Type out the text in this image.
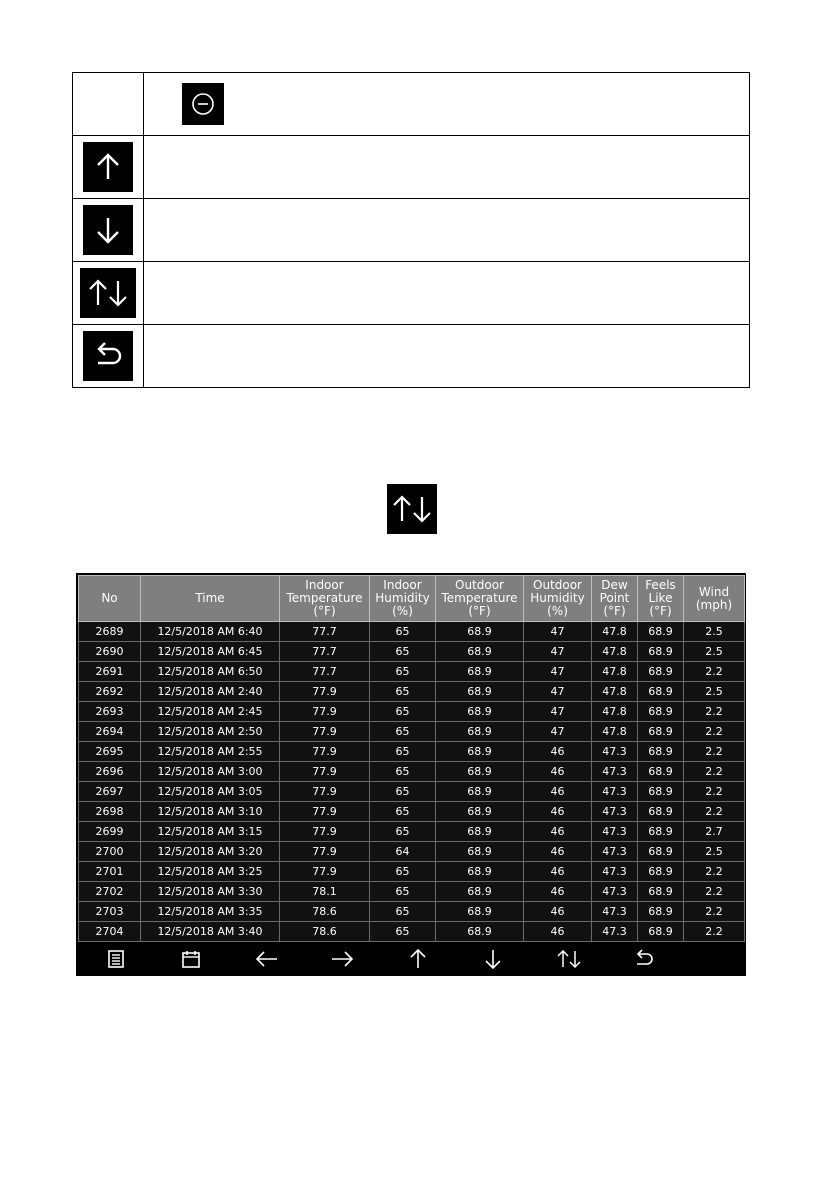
No	Time	Indoor
Temperature
(°F)	Indoor
Humidity
(%)	Outdoor
Temperature
(°F)	Outdoor
Humidity
(%)	Dew
Point
(°F)	Feels
Like
(°F)	Wind
(mph)
2689	12/5/2018 AM 6:40	77.7	65	68.9	47	47.8	68.9	2.5
2690	12/5/2018 AM 6:45	77.7	65	68.9	47	47.8	68.9	2.5
2691	12/5/2018 AM 6:50	77.7	65	68.9	47	47.8	68.9	2.2
2692	12/5/2018 AM 2:40	77.9	65	68.9	47	47.8	68.9	2.5
2693	12/5/2018 AM 2:45	77.9	65	68.9	47	47.8	68.9	2.2
2694	12/5/2018 AM 2:50	77.9	65	68.9	47	47.8	68.9	2.2
2695	12/5/2018 AM 2:55	77.9	65	68.9	46	47.3	68.9	2.2
2696	12/5/2018 AM 3:00	77.9	65	68.9	46	47.3	68.9	2.2
2697	12/5/2018 AM 3:05	77.9	65	68.9	46	47.3	68.9	2.2
2698	12/5/2018 AM 3:10	77.9	65	68.9	46	47.3	68.9	2.2
2699	12/5/2018 AM 3:15	77.9	65	68.9	46	47.3	68.9	2.7
2700	12/5/2018 AM 3:20	77.9	64	68.9	46	47.3	68.9	2.5
2701	12/5/2018 AM 3:25	77.9	65	68.9	46	47.3	68.9	2.2
2702	12/5/2018 AM 3:30	78.1	65	68.9	46	47.3	68.9	2.2
2703	12/5/2018 AM 3:35	78.6	65	68.9	46	47.3	68.9	2.2
2704	12/5/2018 AM 3:40	78.6	65	68.9	46	47.3	68.9	2.2
